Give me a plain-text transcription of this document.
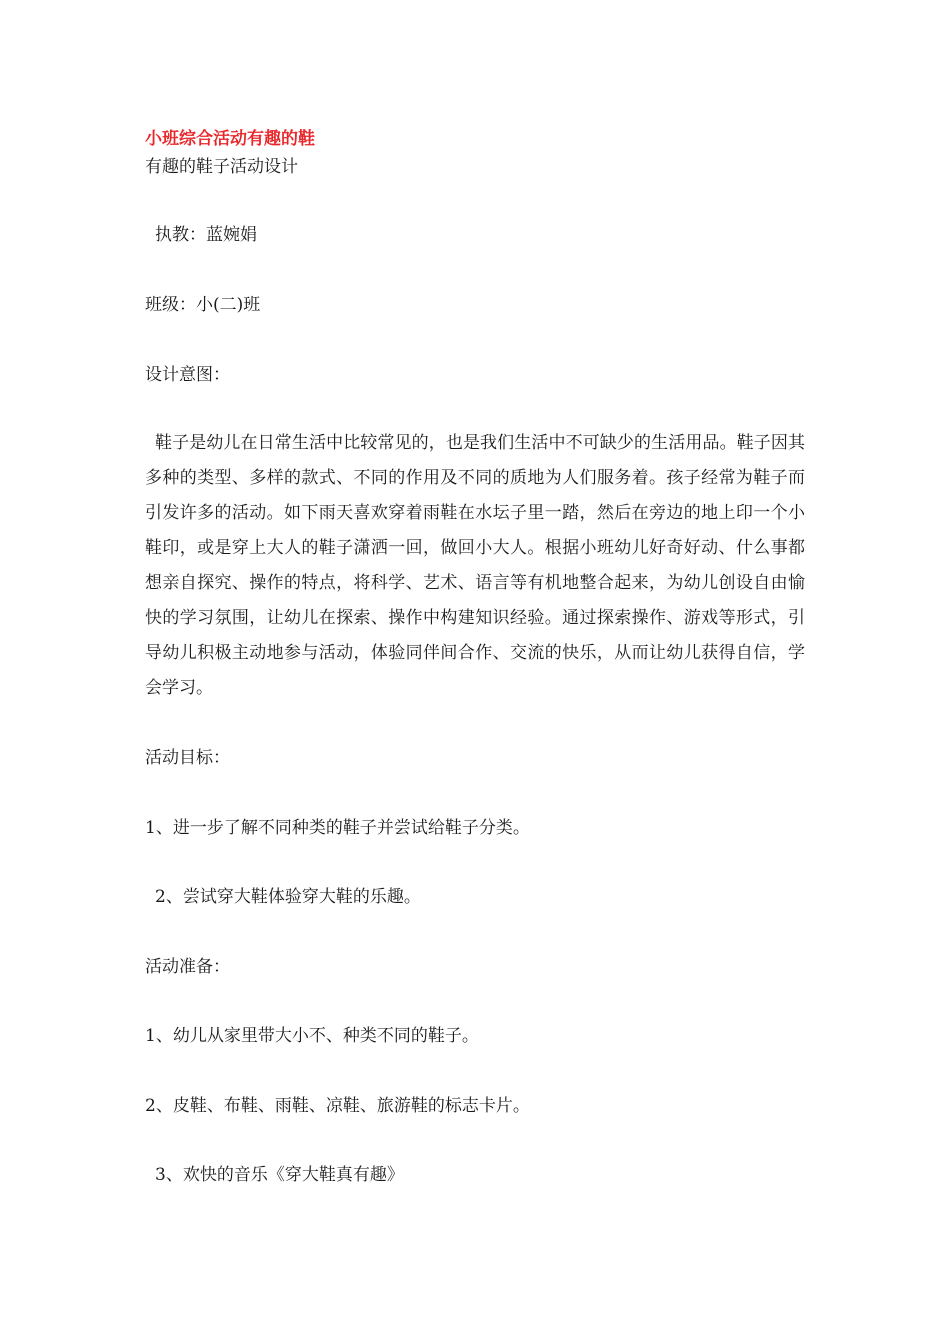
小班综合活动有趣的鞋
有趣的鞋子活动设计
执教：蓝婉娟
班级：小(二)班
设计意图：
鞋子是幼儿在日常生活中比较常见的，也是我们生活中不可缺少的生活用品。鞋子因其多种的类型、多样的款式、不同的作用及不同的质地为人们服务着。孩子经常为鞋子而引发许多的活动。如下雨天喜欢穿着雨鞋在水坛子里一踏，然后在旁边的地上印一个小鞋印，或是穿上大人的鞋子潇洒一回，做回小大人。根据小班幼儿好奇好动、什么事都想亲自探究、操作的特点，将科学、艺术、语言等有机地整合起来，为幼儿创设自由愉快的学习氛围，让幼儿在探索、操作中构建知识经验。通过探索操作、游戏等形式，引导幼儿积极主动地参与活动，体验同伴间合作、交流的快乐，从而让幼儿获得自信，学会学习。
活动目标：
1、进一步了解不同种类的鞋子并尝试给鞋子分类。
2、尝试穿大鞋体验穿大鞋的乐趣。
活动准备：
1、幼儿从家里带大小不、种类不同的鞋子。
2、皮鞋、布鞋、雨鞋、凉鞋、旅游鞋的标志卡片。
3、欢快的音乐《穿大鞋真有趣》
